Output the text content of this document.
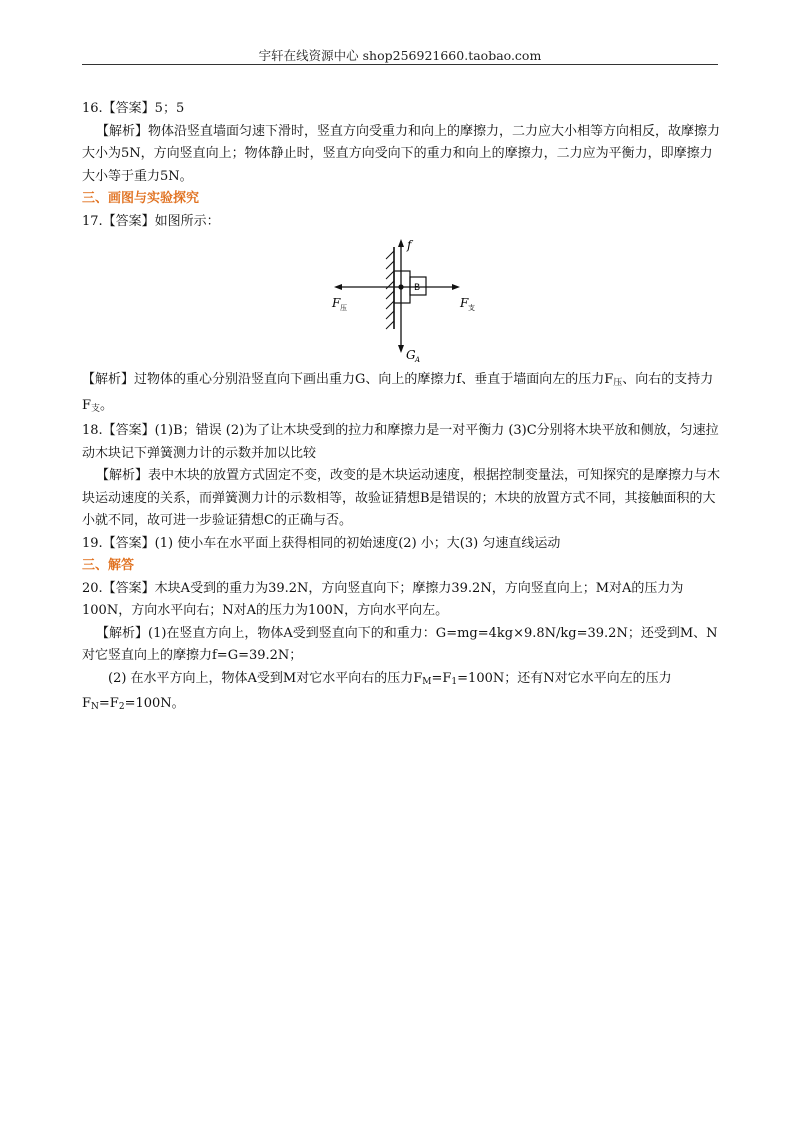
宇轩在线资源中心 shop256921660.taobao.com

16.【答案】5；5

【解析】物体沿竖直墙面匀速下滑时，竖直方向受重力和向上的摩擦力，二力应大小相等方向相反，故摩擦力大小为5N，方向竖直向上；物体静止时，竖直方向受向下的重力和向上的摩擦力，二力应为平衡力，即摩擦力大小等于重力5N。

三、画图与实验探究

17.【答案】如图所示：

B
f
F 压	F 支
G A

【解析】过物体的重心分别沿竖直向下画出重力G、向上的摩擦力f、垂直于墙面向左的压力$F_压$、向右的支持力$F_支$。

18.【答案】(1)B；错误 (2)为了让木块受到的拉力和摩擦力是一对平衡力 (3)C分别将木块平放和侧放，匀速拉动木块记下弹簧测力计的示数并加以比较

【解析】表中木块的放置方式固定不变，改变的是木块运动速度，根据控制变量法，可知探究的是摩擦力与木块运动速度的关系，而弹簧测力计的示数相等，故验证猜想B是错误的；木块的放置方式不同，其接触面积的大小就不同，故可进一步验证猜想C的正确与否。

19.【答案】(1) 使小车在水平面上获得相同的初始速度(2) 小；大(3) 匀速直线运动

三、解答

20.【答案】木块A受到的重力为39.2N，方向竖直向下；摩擦力39.2N，方向竖直向上；M对A的压力为100N，方向水平向右；N对A的压力为100N，方向水平向左。

【解析】(1)在竖直方向上，物体A受到竖直向下的和重力：G=mg=4kg×9.8N/kg=39.2N；还受到M、N对它竖直向上的摩擦力f=G=39.2N；

(2) 在水平方向上，物体A受到M对它水平向右的压力$F_M=F_1=100N$；还有N对它水平向左的压力$F_N=F_2=100N$。
